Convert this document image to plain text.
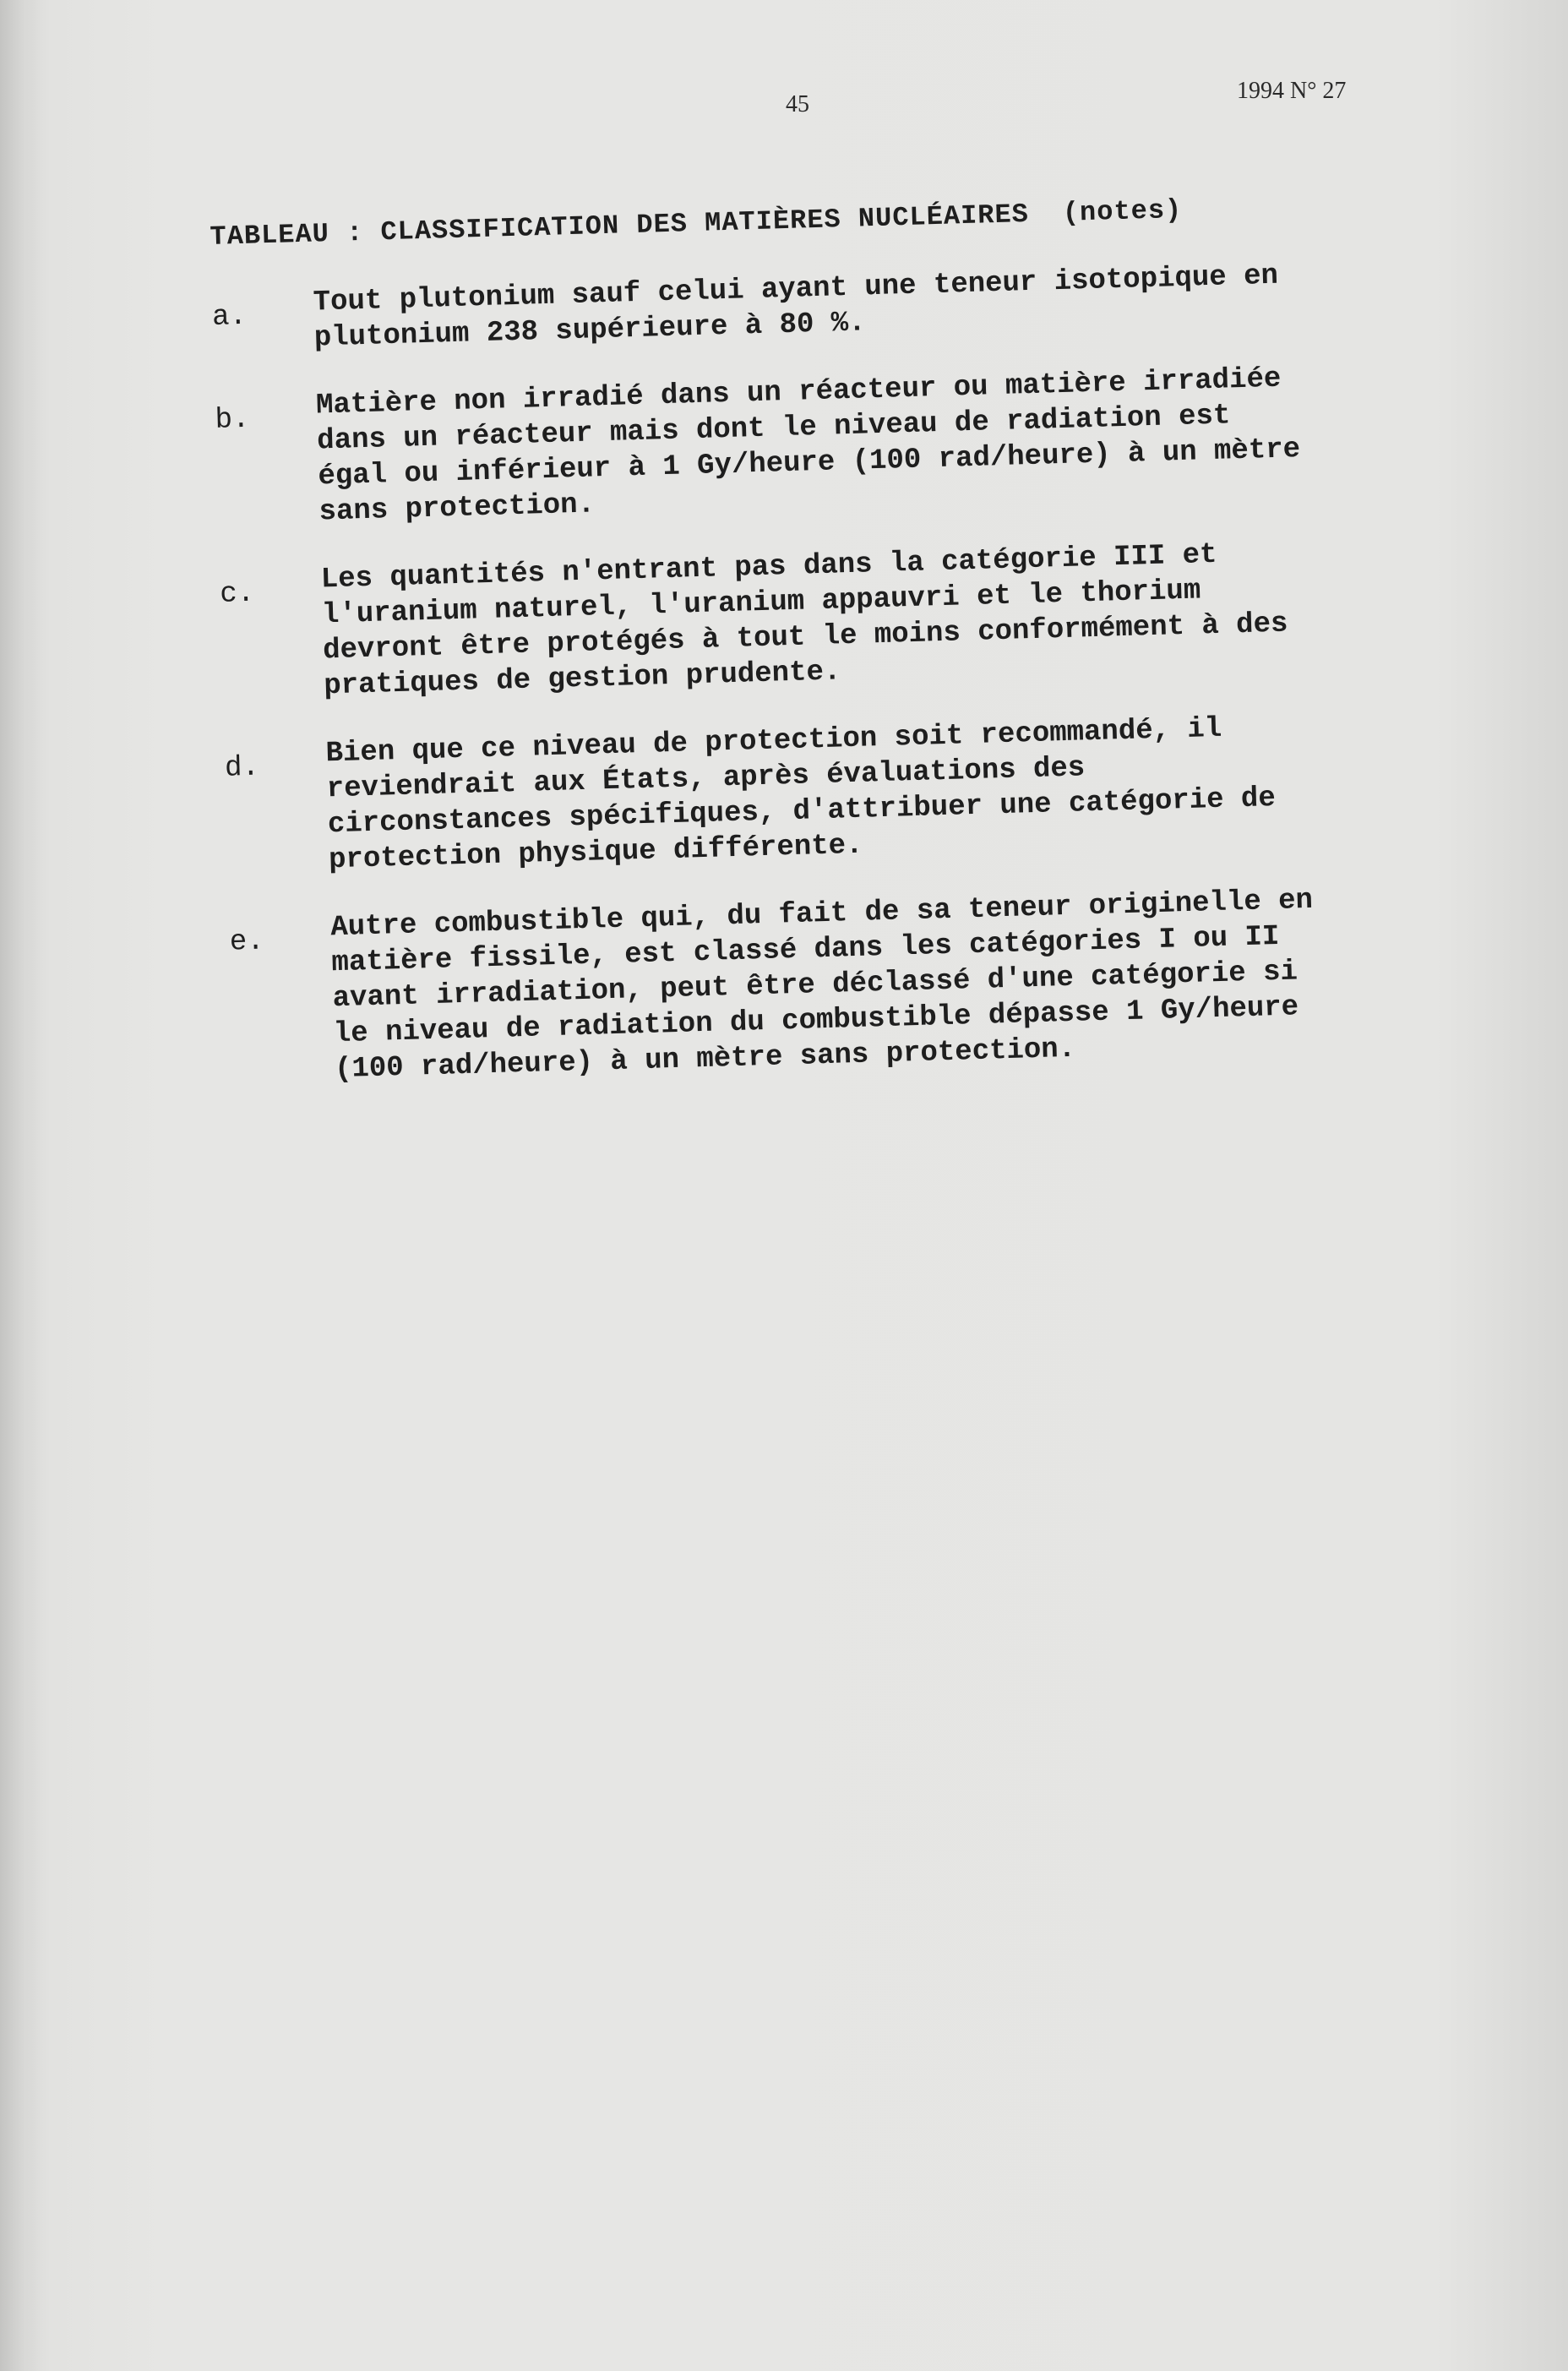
45
1994 N° 27
TABLEAU : CLASSIFICATION DES MATIÈRES NUCLÉAIRES (notes)
a.	Tout plutonium sauf celui ayant une teneur isotopique en
plutonium 238 supérieure à 80 %.
b.	Matière non irradié dans un réacteur ou matière irradiée
dans un réacteur mais dont le niveau de radiation est
égal ou inférieur à 1 Gy/heure (100 rad/heure) à un mètre
sans protection.
c.	Les quantités n'entrant pas dans la catégorie III et
l'uranium naturel, l'uranium appauvri et le thorium
devront être protégés à tout le moins conformément à des
pratiques de gestion prudente.
d.	Bien que ce niveau de protection soit recommandé, il
reviendrait aux États, après évaluations des
circonstances spécifiques, d'attribuer une catégorie de
protection physique différente.
e.	Autre combustible qui, du fait de sa teneur originelle en
matière fissile, est classé dans les catégories I ou II
avant irradiation, peut être déclassé d'une catégorie si
le niveau de radiation du combustible dépasse 1 Gy/heure
(100 rad/heure) à un mètre sans protection.
